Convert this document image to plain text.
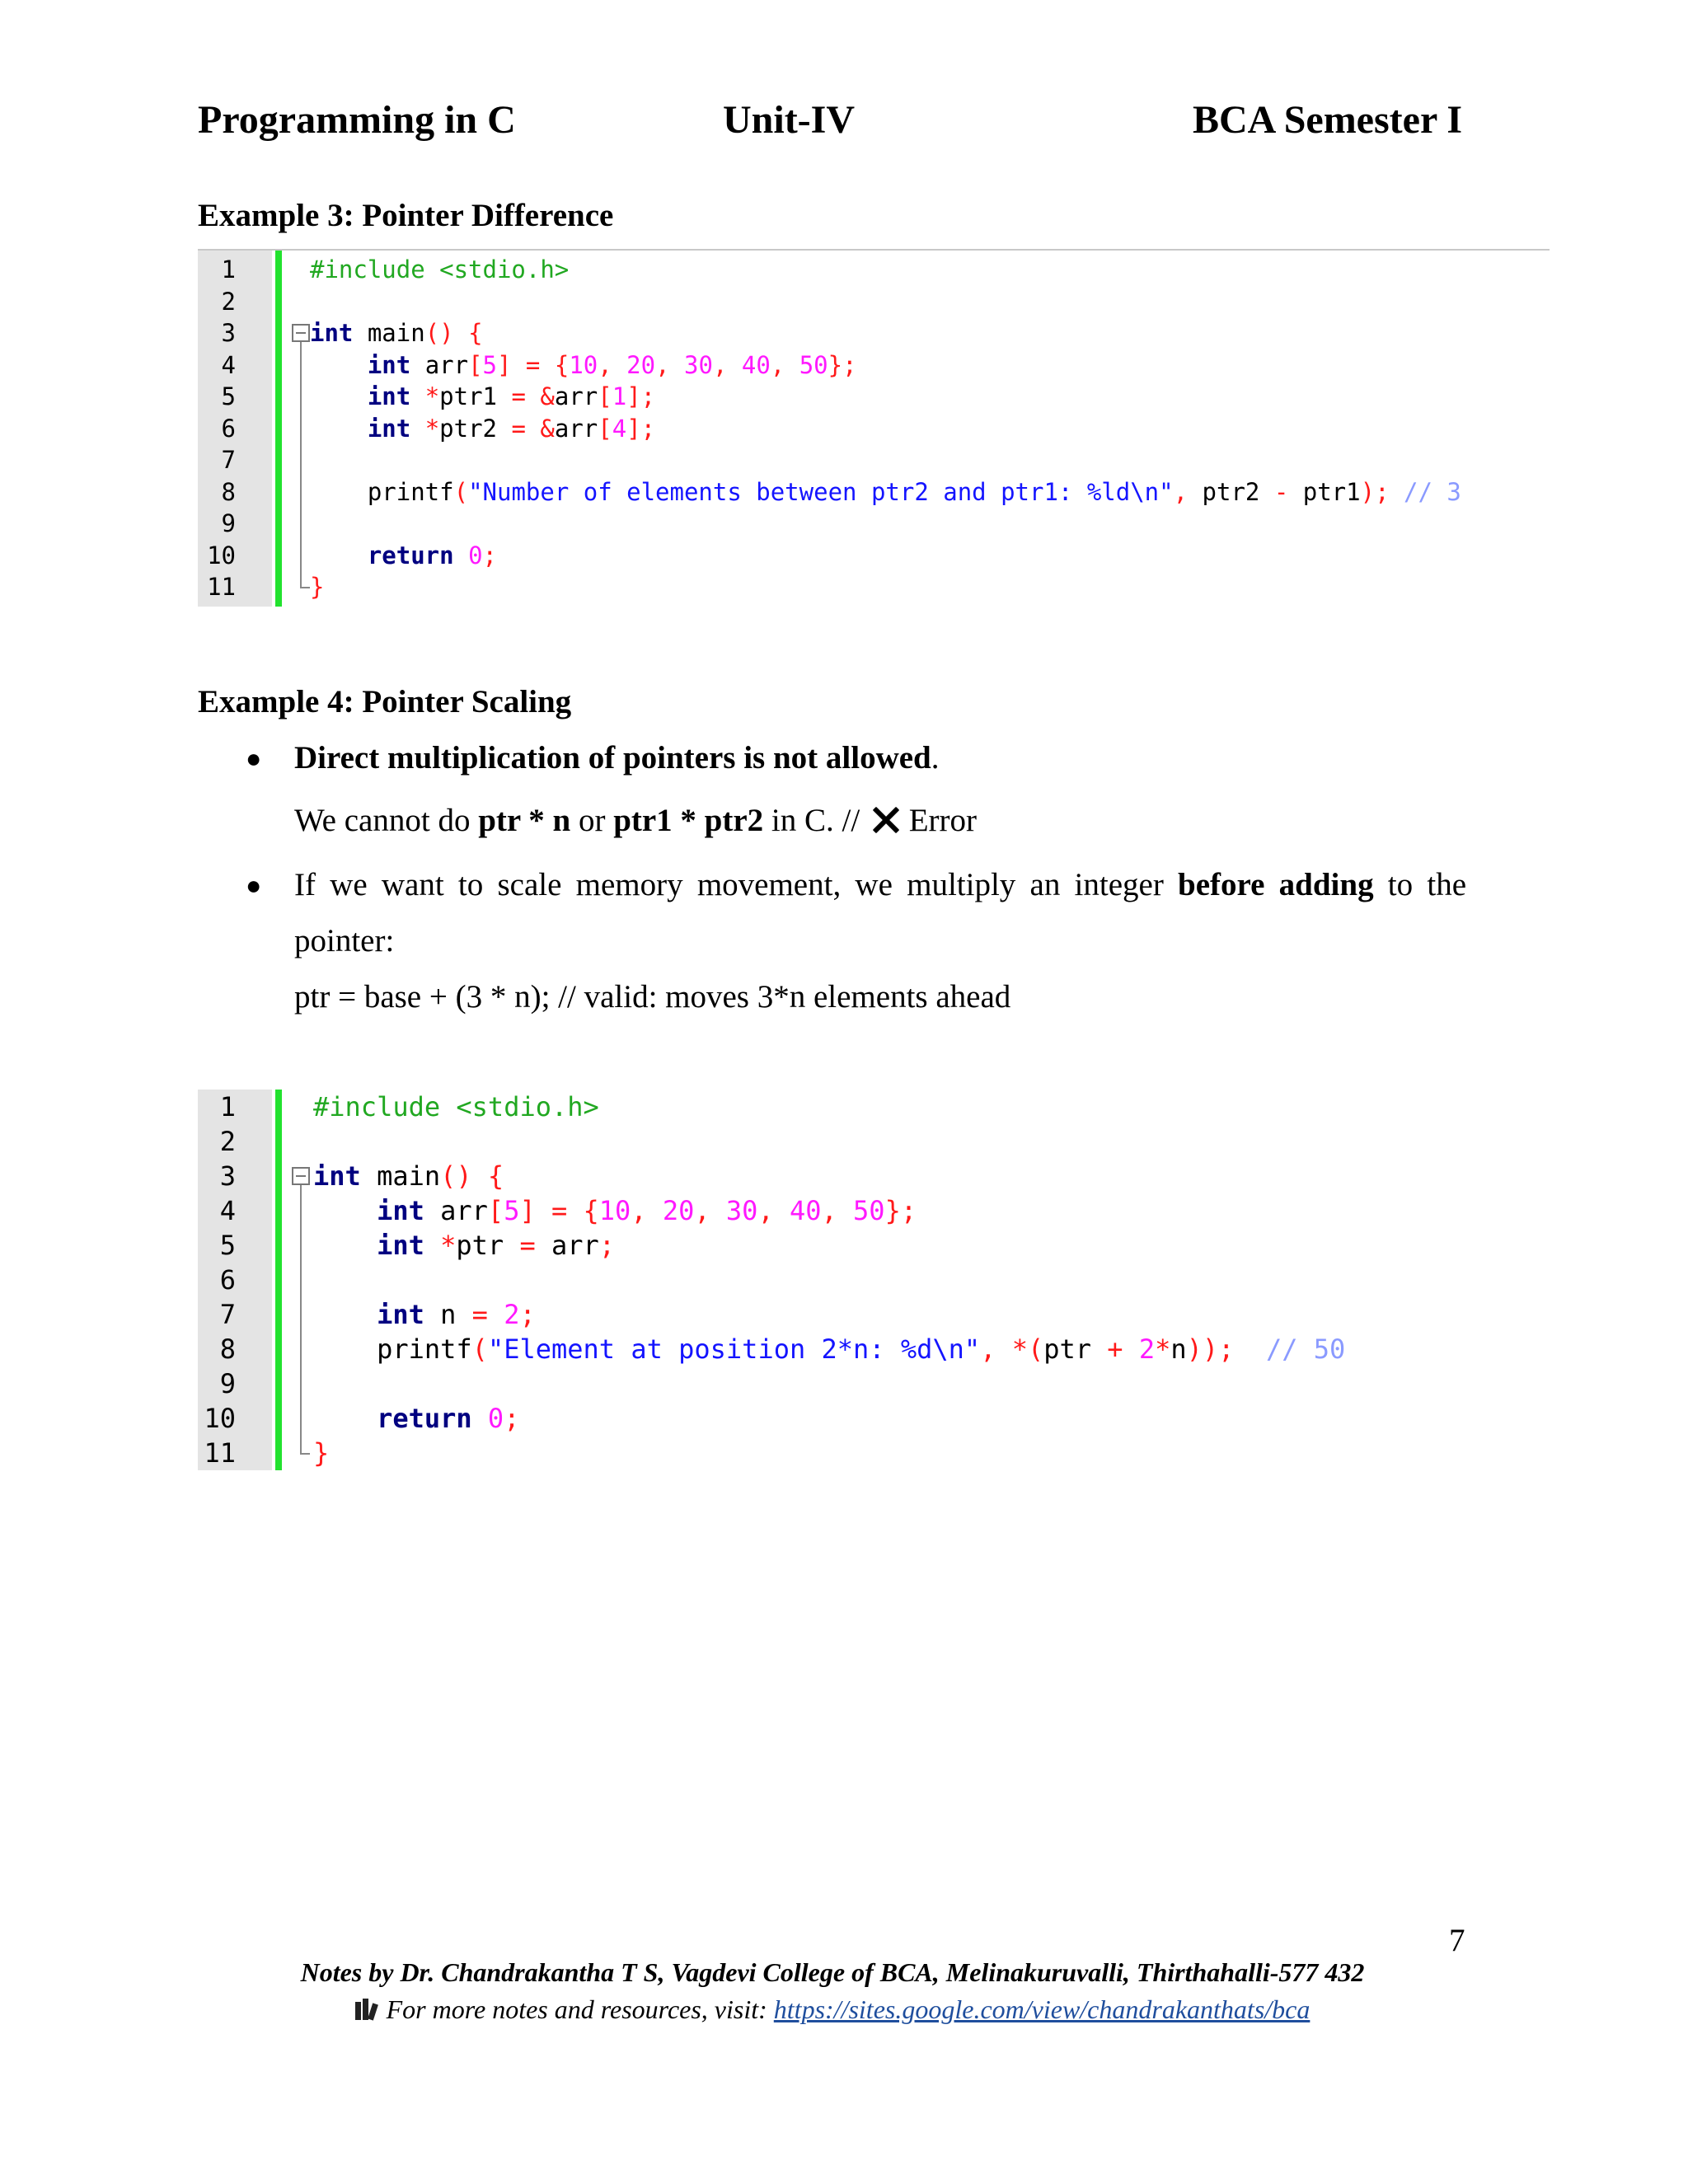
Programming in C	Unit-IV	BCA Semester I
Example 3: Pointer Difference
1	#include <stdio.h>
2
3	int main() {
4	int arr[5] = {10, 20, 30, 40, 50};
5	int *ptr1 = &arr[1];
6	int *ptr2 = &arr[4];
7
8	printf("Number of elements between ptr2 and ptr1: %ld\n", ptr2 - ptr1); // 3
9
10	return 0;
11	}
Example 4: Pointer Scaling
● Direct multiplication of pointers is not allowed.
We cannot do ptr * n or ptr1 * ptr2 in C. //  Error
● If we want to scale memory movement, we multiply an integer before adding to the
pointer:
ptr = base + (3 * n); // valid: moves 3*n elements ahead
1	#include <stdio.h>
2
3	int main() {
4	int arr[5] = {10, 20, 30, 40, 50};
5	int *ptr = arr;
6
7	int n = 2;
8	printf("Element at position 2*n: %d\n", *(ptr + 2*n));  // 50
9
10	return 0;
11	}
7
Notes by Dr. Chandrakantha T S, Vagdevi College of BCA, Melinakuruvalli, Thirthahalli-577 432
For more notes and resources, visit: https://sites.google.com/view/chandrakanthats/bca
